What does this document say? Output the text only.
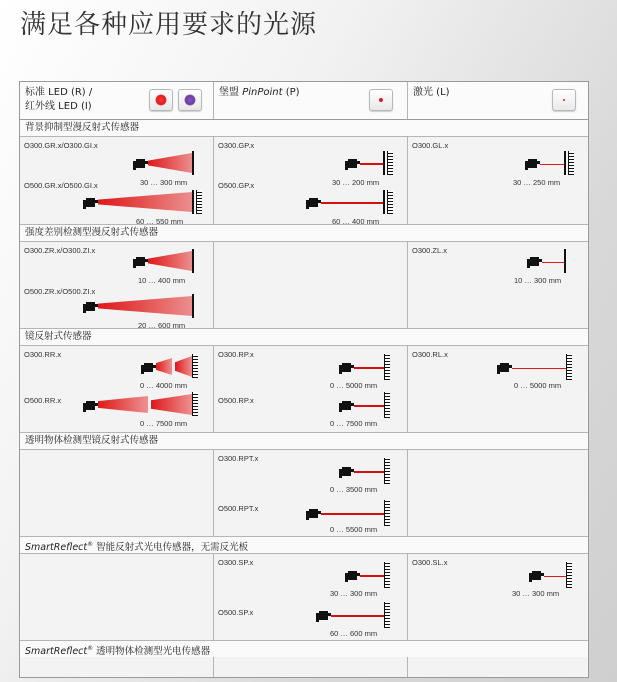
满足各种应用要求的光源
标准 LED (R) /
红外线 LED (I)
堡盟 PinPoint (P)	激光 (L)
背景抑制型漫反射式传感器
O300.GR.x/O300.GI.x
30 … 300 mm
O500.GR.x/O500.GI.x
60 … 550 mm
O300.GP.x
30 … 200 mm
O500.GP.x
60 … 400 mm
O300.GL.x
30 … 250 mm
强度差别检测型漫反射式传感器
O300.ZR.x/O300.ZI.x
10 … 400 mm
O500.ZR.x/O500.ZI.x
20 … 600 mm
O300.ZL.x
10 … 300 mm
镜反射式传感器
O300.RR.x
0 … 4000 mm
O500.RR.x
0 … 7500 mm
O300.RP.x
0 … 5000 mm
O500.RP.x
0 … 7500 mm
O300.RL.x
0 … 5000 mm
透明物体检测型镜反射式传感器
O300.RPT.x
0 … 3500 mm
O500.RPT.x
0 … 5500 mm
SmartReflect® 智能反射式光电传感器，无需反光板
O300.SP.x
30 … 300 mm
O500.SP.x
60 … 600 mm
O300.SL.x
30 … 300 mm
SmartReflect® 透明物体检测型光电传感器
